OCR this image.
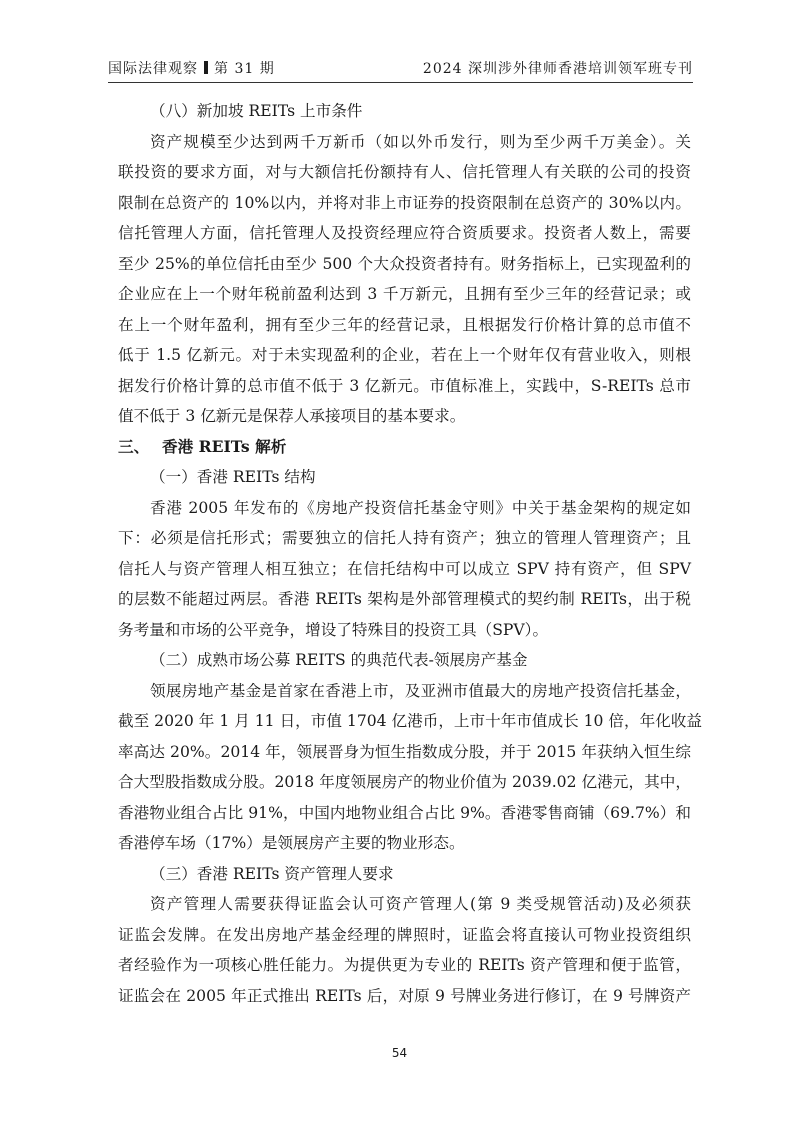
国际法律观察 第 31 期	2024 深圳涉外律师香港培训领军班专刊
（八）新加坡 REITs 上市条件
资产规模至少达到两千万新币（如以外币发行，则为至少两千万美金）。关
联投资的要求方面，对与大额信托份额持有人、信托管理人有关联的公司的投资
限制在总资产的 10%以内，并将对非上市证券的投资限制在总资产的 30%以内。
信托管理人方面，信托管理人及投资经理应符合资质要求。投资者人数上，需要
至少 25%的单位信托由至少 500 个大众投资者持有。财务指标上，已实现盈利的
企业应在上一个财年税前盈利达到 3 千万新元，且拥有至少三年的经营记录；或
在上一个财年盈利，拥有至少三年的经营记录，且根据发行价格计算的总市值不
低于 1.5 亿新元。对于未实现盈利的企业，若在上一个财年仅有营业收入，则根
据发行价格计算的总市值不低于 3 亿新元。市值标准上，实践中，S-REITs 总市
值不低于 3 亿新元是保荐人承接项目的基本要求。
三、 香港 REITs 解析
（一）香港 REITs 结构
香港 2005 年发布的《房地产投资信托基金守则》中关于基金架构的规定如
下：必须是信托形式；需要独立的信托人持有资产；独立的管理人管理资产；且
信托人与资产管理人相互独立；在信托结构中可以成立 SPV 持有资产，但 SPV
的层数不能超过两层。香港 REITs 架构是外部管理模式的契约制 REITs，出于税
务考量和市场的公平竞争，增设了特殊目的投资工具（SPV）。
（二）成熟市场公募 REITS 的典范代表-领展房产基金
领展房地产基金是首家在香港上市，及亚洲市值最大的房地产投资信托基金，
截至 2020 年 1 月 11 日，市值 1704 亿港币，上市十年市值成长 10 倍，年化收益
率高达 20%。2014 年，领展晋身为恒生指数成分股，并于 2015 年获纳入恒生综
合大型股指数成分股。2018 年度领展房产的物业价值为 2039.02 亿港元，其中，
香港物业组合占比 91%，中国内地物业组合占比 9%。香港零售商铺（69.7%）和
香港停车场（17%）是领展房产主要的物业形态。
（三）香港 REITs 资产管理人要求
资产管理人需要获得证监会认可资产管理人(第 9 类受规管活动)及必须获
证监会发牌。在发出房地产基金经理的牌照时，证监会将直接认可物业投资组织
者经验作为一项核心胜任能力。为提供更为专业的 REITs 资产管理和便于监管，
证监会在 2005 年正式推出 REITs 后，对原 9 号牌业务进行修订，在 9 号牌资产
54
